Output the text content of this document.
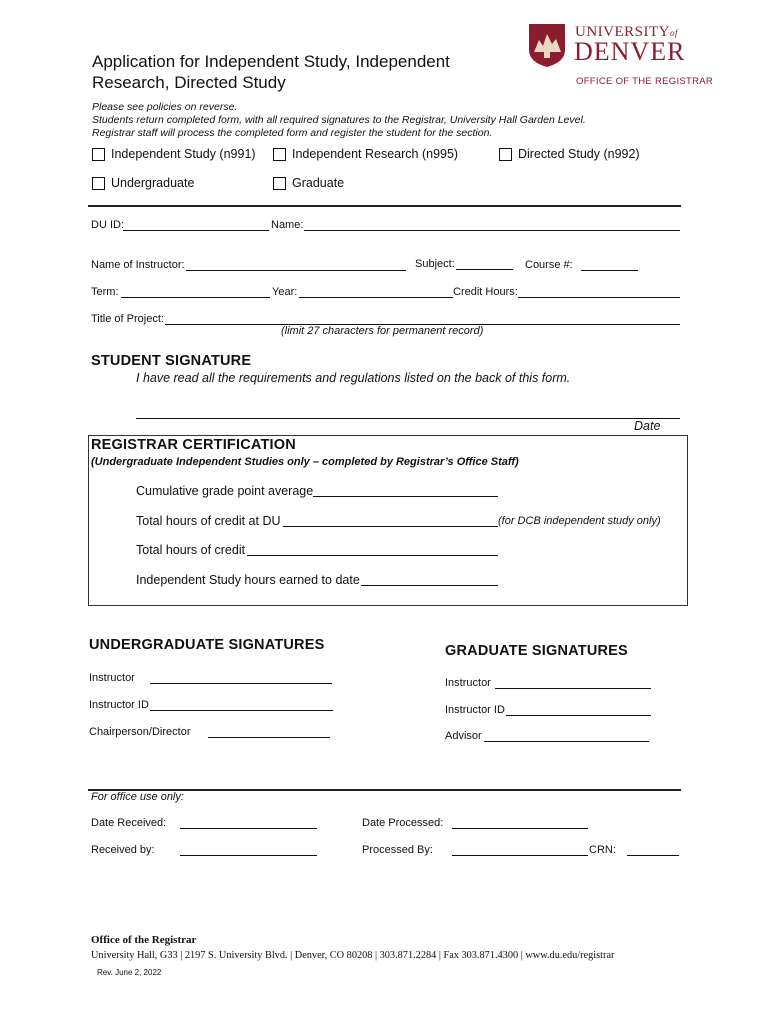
Application for Independent Study, Independent
Research, Directed Study
UNIVERSITYof
DENVER
OFFICE OF THE REGISTRAR
Please see policies on reverse.
Students return completed form, with all required signatures to the Registrar, University Hall Garden Level.
Registrar staff will process the completed form and register the student for the section.
Independent Study (n991)	Independent Research (n995)	Directed Study (n992)
Undergraduate	Graduate
DU ID:	Name:
Name of Instructor:	Subject:	Course #:
Term:	Year:	Credit Hours:
Title of Project:
(limit 27 characters for permanent record)
STUDENT SIGNATURE
I have read all the requirements and regulations listed on the back of this form.
Date
REGISTRAR CERTIFICATION
(Undergraduate Independent Studies only – completed by Registrar’s Office Staff)
Cumulative grade point average
Total hours of credit at DU	(for DCB independent study only)
Total hours of credit
Independent Study hours earned to date
UNDERGRADUATE SIGNATURES
Instructor
Instructor ID
Chairperson/Director
GRADUATE SIGNATURES
Instructor
Instructor ID
Advisor
For office use only:
Date Received:	Date Processed:
Received by:	Processed By:	CRN:
Office of the Registrar
University Hall, G33 | 2197 S. University Blvd. | Denver, CO 80208 | 303.871.2284 | Fax 303.871.4300 | www.du.edu/registrar
Rev. June 2, 2022
